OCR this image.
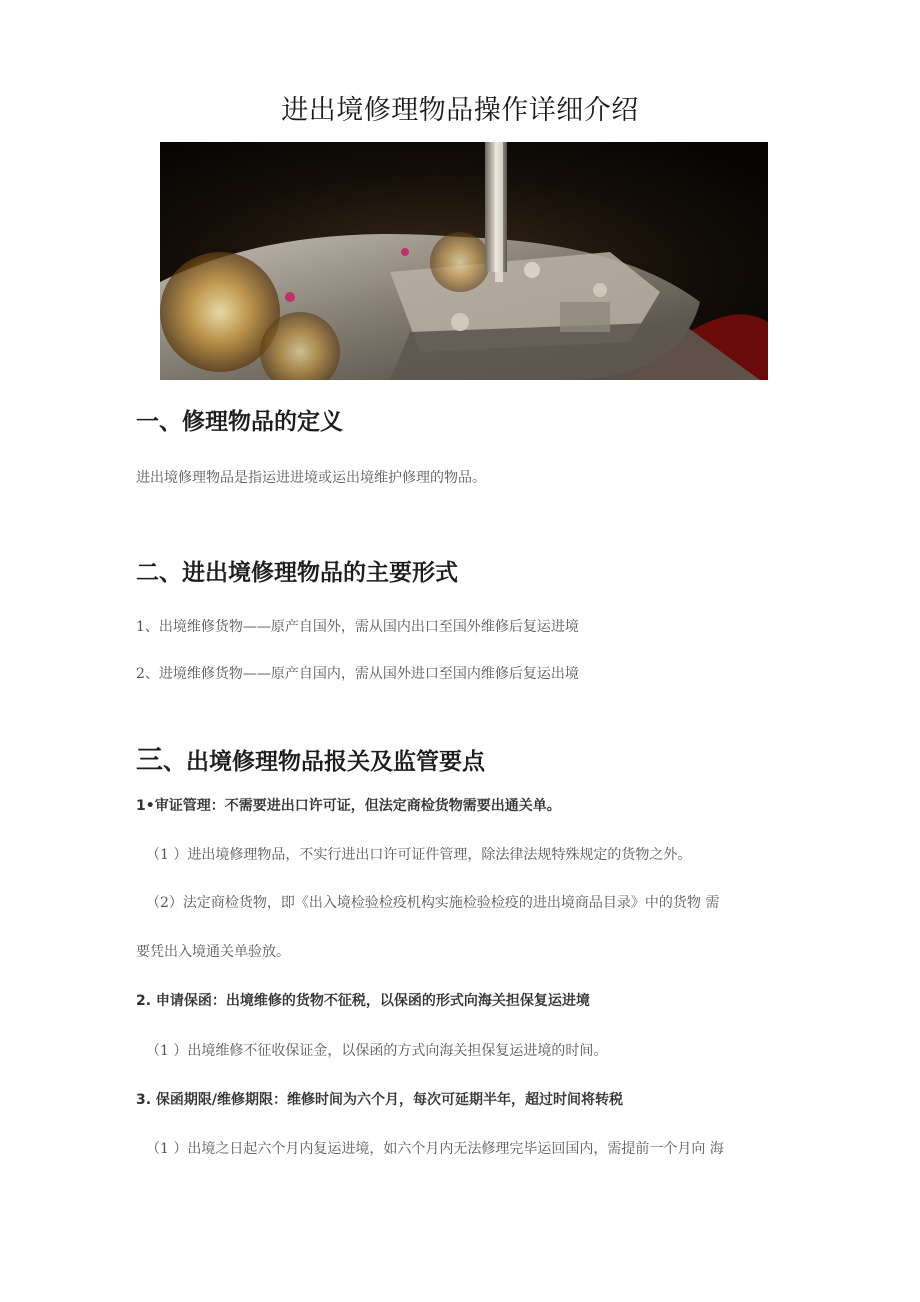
进出境修理物品操作详细介绍
一、修理物品的定义
进出境修理物品是指运进进境或运出境维护修理的物品。
二、进出境修理物品的主要形式
1、出境维修货物——原产自国外，需从国内出口至国外维修后复运进境
2、进境维修货物——原产自国内，需从国外进口至国内维修后复运出境
三、出境修理物品报关及监管要点
1•审证管理：不需要进出口许可证，但法定商检货物需要出通关单。
（1 ）进出境修理物品，不实行进出口许可证件管理，除法律法规特殊规定的货物之外。
（2）法定商检货物，即《出入境检验检疫机构实施检验检疫的进出境商品目录》中的货物 需
要凭出入境通关单验放。
2. 申请保函：出境维修的货物不征税，以保函的形式向海关担保复运进境
（1 ）出境维修不征收保证金，以保函的方式向海关担保复运进境的时间。
3. 保函期限/维修期限：维修时间为六个月，每次可延期半年，超过时间将转税
（1 ）出境之日起六个月内复运进境，如六个月内无法修理完毕运回国内，需提前一个月向 海
